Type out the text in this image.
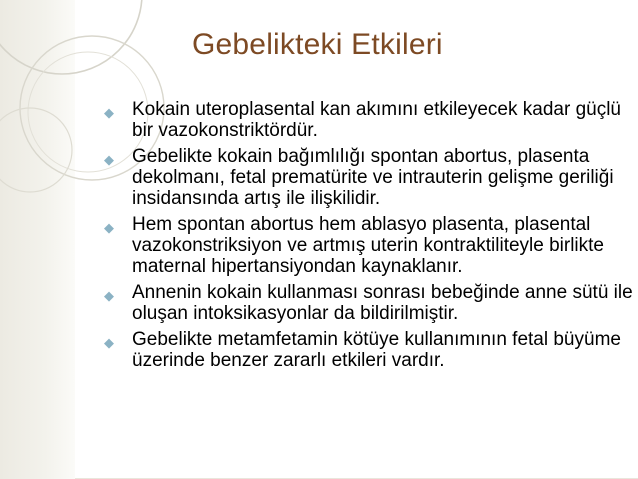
Gebelikteki Etkileri
◆ Kokain uteroplasental kan akımını etkileyecek kadar güçlü bir vazokonstriktördür.
◆ Gebelikte kokain bağımlılığı spontan abortus, plasenta dekolmanı, fetal prematürite ve intrauterin gelişme geriliği insidansında artış ile ilişkilidir.
◆ Hem spontan abortus hem ablasyo plasenta, plasental vazokonstriksiyon ve artmış uterin kontraktiliteyle birlikte maternal hipertansiyondan kaynaklanır.
◆ Annenin kokain kullanması sonrası bebeğinde anne sütü ile oluşan intoksikasyonlar da bildirilmiştir.
◆ Gebelikte metamfetamin kötüye kullanımının fetal büyüme üzerinde benzer zararlı etkileri vardır.
